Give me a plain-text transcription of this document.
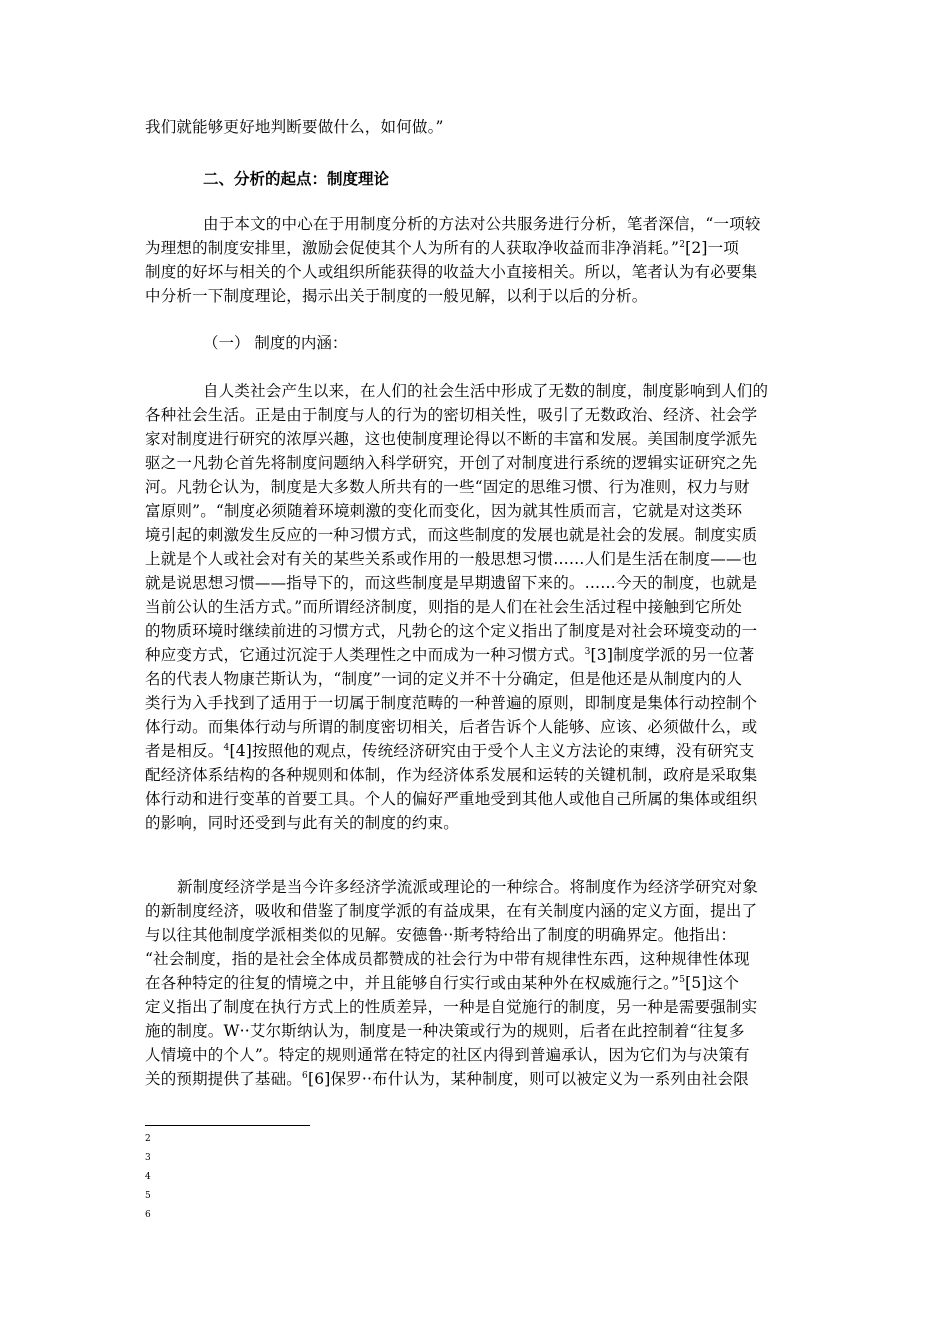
我们就能够更好地判断要做什么，如何做。”
二、分析的起点：制度理论
由于本文的中心在于用制度分析的方法对公共服务进行分析，笔者深信，“一项较
为理想的制度安排里，激励会促使其个人为所有的人获取净收益而非净消耗。”$^2$[2]一项
制度的好坏与相关的个人或组织所能获得的收益大小直接相关。所以，笔者认为有必要集
中分析一下制度理论，揭示出关于制度的一般见解，以利于以后的分析。
（一） 制度的内涵：
自人类社会产生以来，在人们的社会生活中形成了无数的制度，制度影响到人们的
各种社会生活。正是由于制度与人的行为的密切相关性，吸引了无数政治、经济、社会学
家对制度进行研究的浓厚兴趣，这也使制度理论得以不断的丰富和发展。美国制度学派先
驱之一凡勃仑首先将制度问题纳入科学研究，开创了对制度进行系统的逻辑实证研究之先
河。凡勃仑认为，制度是大多数人所共有的一些“固定的思维习惯、行为准则，权力与财
富原则”。“制度必须随着环境刺激的变化而变化，因为就其性质而言，它就是对这类环
境引起的刺激发生反应的一种习惯方式，而这些制度的发展也就是社会的发展。制度实质
上就是个人或社会对有关的某些关系或作用的一般思想习惯……人们是生活在制度——也
就是说思想习惯——指导下的，而这些制度是早期遗留下来的。……今天的制度，也就是
当前公认的生活方式。”而所谓经济制度，则指的是人们在社会生活过程中接触到它所处
的物质环境时继续前进的习惯方式，凡勃仑的这个定义指出了制度是对社会环境变动的一
种应变方式，它通过沉淀于人类理性之中而成为一种习惯方式。$^3$[3]制度学派的另一位著
名的代表人物康芒斯认为，“制度”一词的定义并不十分确定，但是他还是从制度内的人
类行为入手找到了适用于一切属于制度范畴的一种普遍的原则，即制度是集体行动控制个
体行动。而集体行动与所谓的制度密切相关，后者告诉个人能够、应该、必须做什么，或
者是相反。$^4$[4]按照他的观点，传统经济研究由于受个人主义方法论的束缚，没有研究支
配经济体系结构的各种规则和体制，作为经济体系发展和运转的关键机制，政府是采取集
体行动和进行变革的首要工具。个人的偏好严重地受到其他人或他自己所属的集体或组织
的影响，同时还受到与此有关的制度的约束。
新制度经济学是当今许多经济学流派或理论的一种综合。将制度作为经济学研究对象
的新制度经济，吸收和借鉴了制度学派的有益成果，在有关制度内涵的定义方面，提出了
与以往其他制度学派相类似的见解。安德鲁··斯考特给出了制度的明确界定。他指出：
“社会制度，指的是社会全体成员都赞成的社会行为中带有规律性东西，这种规律性体现
在各种特定的往复的情境之中，并且能够自行实行或由某种外在权威施行之。”$^5$[5]这个
定义指出了制度在执行方式上的性质差异，一种是自觉施行的制度，另一种是需要强制实
施的制度。W··艾尔斯纳认为，制度是一种决策或行为的规则，后者在此控制着“往复多
人情境中的个人”。特定的规则通常在特定的社区内得到普遍承认，因为它们为与决策有
关的预期提供了基础。$^6$[6]保罗··布什认为，某种制度，则可以被定义为一系列由社会限
2
3
4
5
6
